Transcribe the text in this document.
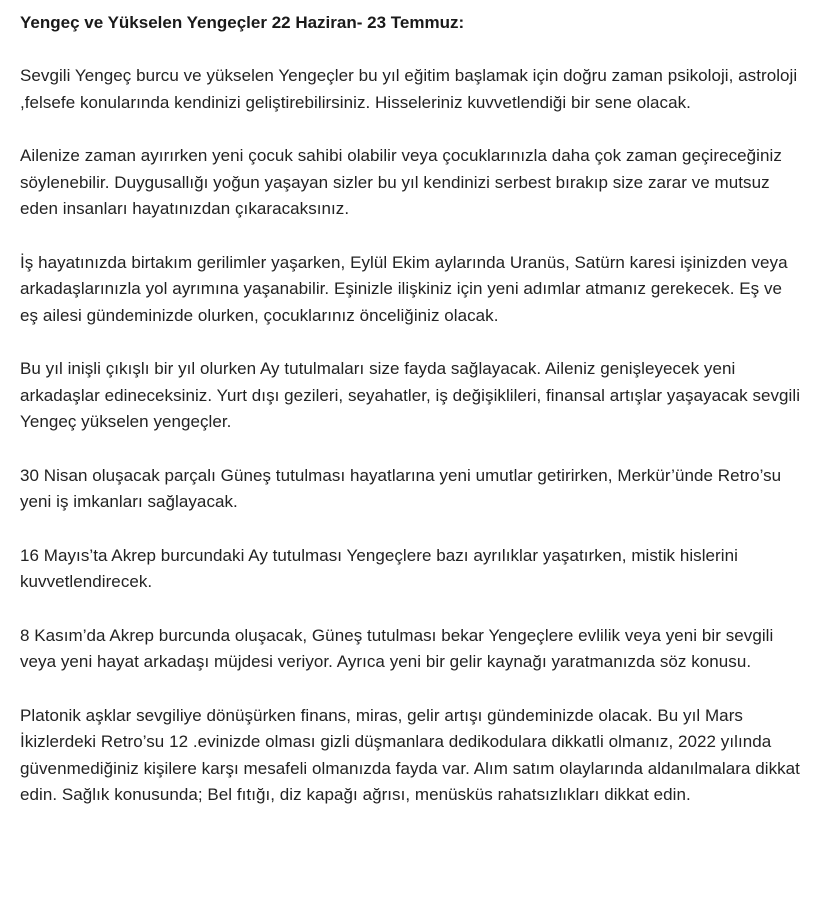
Yengeç ve Yükselen Yengeçler 22 Haziran- 23 Temmuz:

Sevgili Yengeç burcu ve yükselen Yengeçler bu yıl eğitim başlamak için doğru zaman psikoloji, astroloji ,felsefe konularında kendinizi geliştirebilirsiniz. Hisseleriniz kuvvetlendiği bir sene olacak.

Ailenize zaman ayırırken yeni çocuk sahibi olabilir veya çocuklarınızla daha çok zaman geçireceğiniz söylenebilir. Duygusallığı yoğun yaşayan sizler bu yıl kendinizi serbest bırakıp size zarar ve mutsuz eden insanları hayatınızdan çıkaracaksınız.

İş hayatınızda birtakım gerilimler yaşarken, Eylül Ekim aylarında Uranüs, Satürn karesi işinizden veya arkadaşlarınızla yol ayrımına yaşanabilir. Eşinizle ilişkiniz için yeni adımlar atmanız gerekecek. Eş ve eş ailesi gündeminizde olurken, çocuklarınız önceliğiniz olacak.

Bu yıl inişli çıkışlı bir yıl olurken Ay tutulmaları size fayda sağlayacak. Aileniz genişleyecek yeni arkadaşlar edineceksiniz. Yurt dışı gezileri, seyahatler, iş değişiklileri, finansal artışlar yaşayacak sevgili Yengeç yükselen yengeçler.

30 Nisan oluşacak parçalı Güneş tutulması hayatlarına yeni umutlar getirirken, Merkür’ünde Retro’su yeni iş imkanları sağlayacak.

16 Mayıs’ta Akrep burcundaki Ay tutulması Yengeçlere bazı ayrılıklar yaşatırken, mistik hislerini kuvvetlendirecek.

8 Kasım’da Akrep burcunda oluşacak, Güneş tutulması bekar Yengeçlere evlilik veya yeni bir sevgili veya yeni hayat arkadaşı müjdesi veriyor. Ayrıca yeni bir gelir kaynağı yaratmanızda söz konusu.

Platonik aşklar sevgiliye dönüşürken finans, miras, gelir artışı gündeminizde olacak. Bu yıl Mars İkizlerdeki Retro’su 12 .evinizde olması gizli düşmanlara dedikodulara dikkatli olmanız, 2022 yılında güvenmediğiniz kişilere karşı mesafeli olmanızda fayda var. Alım satım olaylarında aldanılmalara dikkat edin. Sağlık konusunda; Bel fıtığı, diz kapağı ağrısı, menüsküs rahatsızlıkları dikkat edin.
